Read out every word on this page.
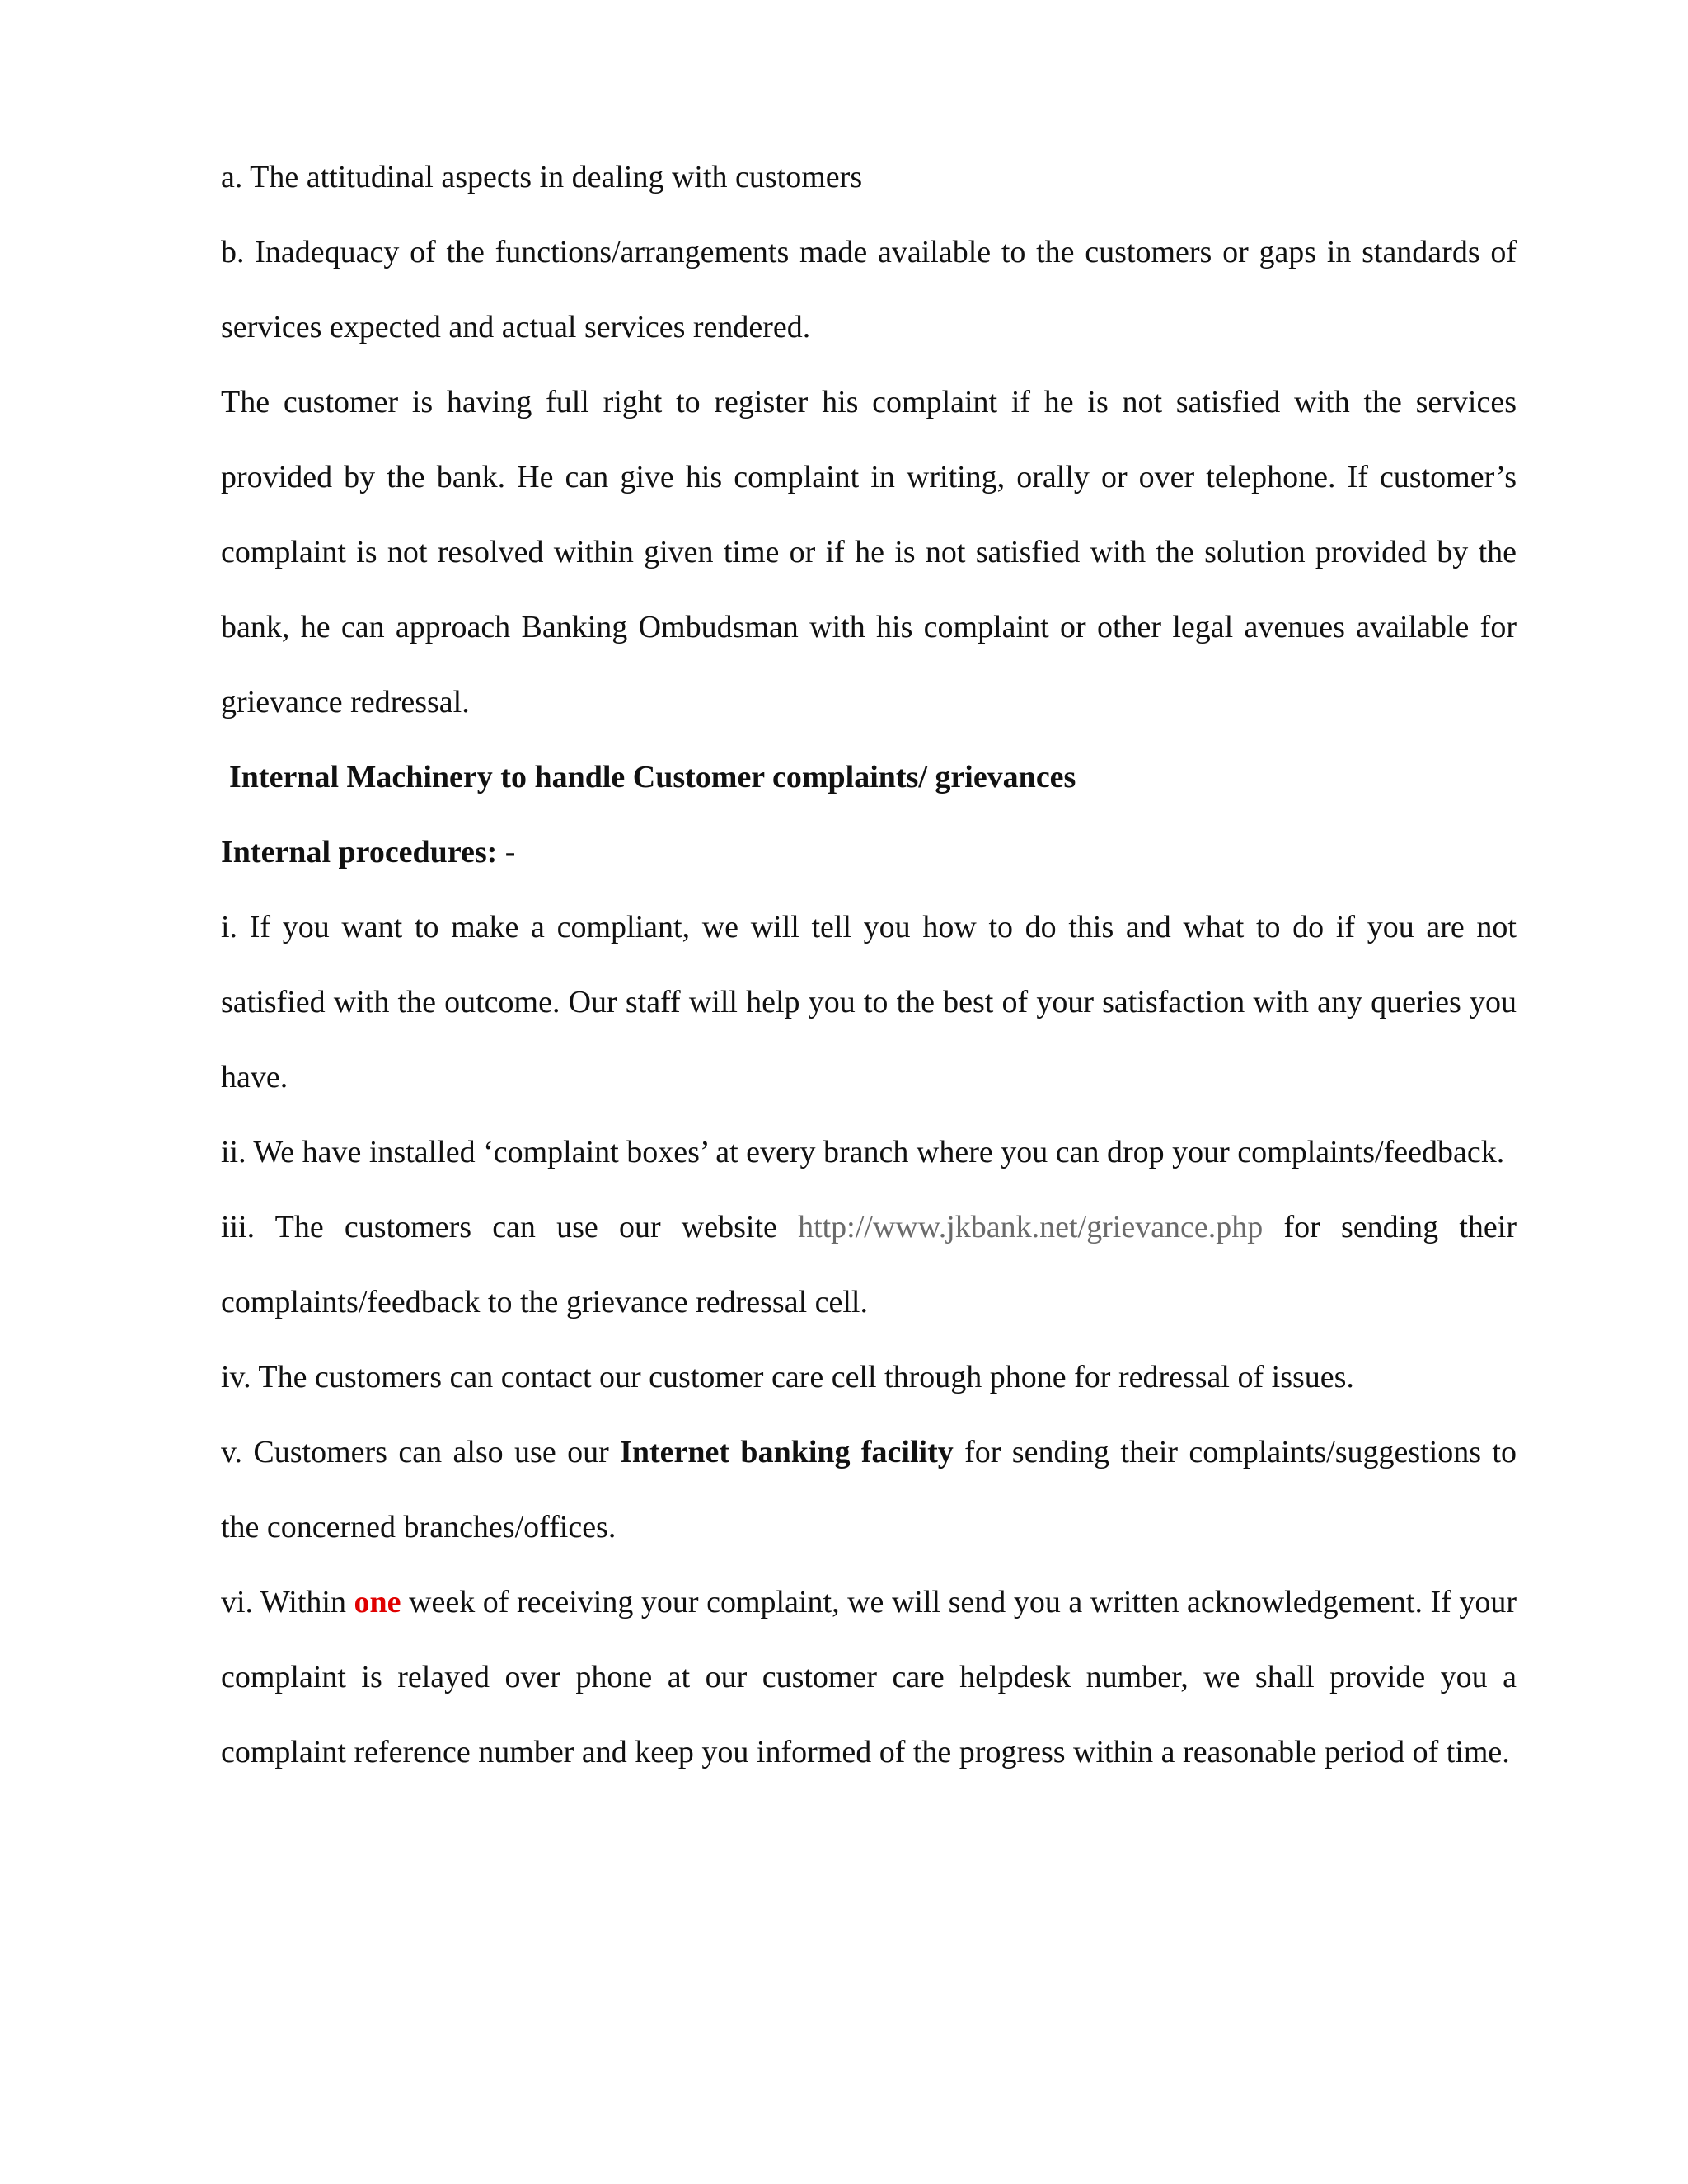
a. The attitudinal aspects in dealing with customers

b. Inadequacy of the functions/arrangements made available to the customers or gaps in standards of services expected and actual services rendered.

The customer is having full right to register his complaint if he is not satisfied with the services provided by the bank. He can give his complaint in writing, orally or over telephone. If customer’s complaint is not resolved within given time or if he is not satisfied with the solution provided by the bank, he can approach Banking Ombudsman with his complaint or other legal avenues available for grievance redressal.

Internal Machinery to handle Customer complaints/ grievances

Internal procedures: -

i. If you want to make a compliant, we will tell you how to do this and what to do if you are not satisfied with the outcome. Our staff will help you to the best of your satisfaction with any queries you have.

ii. We have installed ‘complaint boxes’ at every branch where you can drop your complaints/feedback.

iii. The customers can use our website http://www.jkbank.net/grievance.php for sending their complaints/feedback to the grievance redressal cell.

iv. The customers can contact our customer care cell through phone for redressal of issues.

v. Customers can also use our Internet banking facility for sending their complaints/suggestions to the concerned branches/offices.

vi. Within one week of receiving your complaint, we will send you a written acknowledgement. If your complaint is relayed over phone at our customer care helpdesk number, we shall provide you a complaint reference number and keep you informed of the progress within a reasonable period of time.
